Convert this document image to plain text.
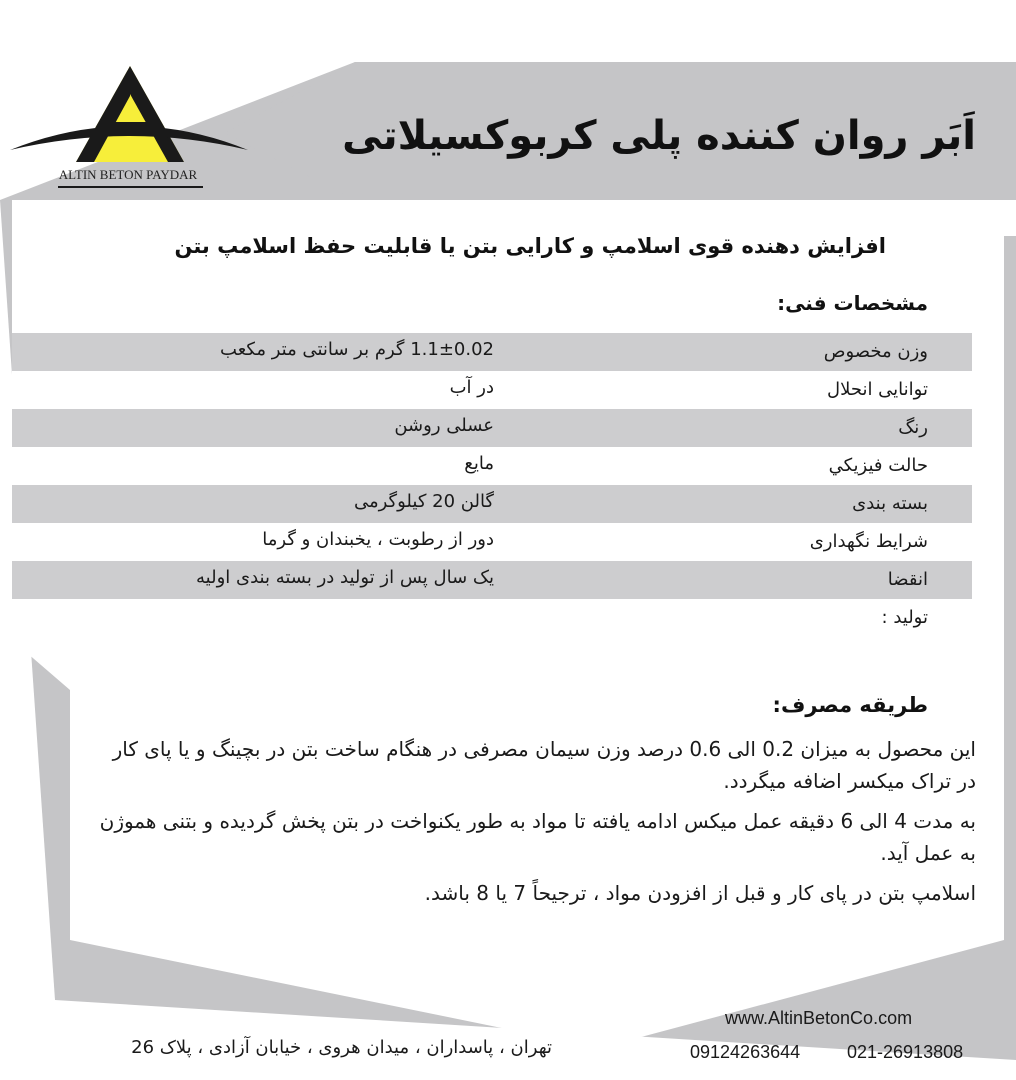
ALTIN BETON PAYDAR
اَبَر روان کننده پلی کربوکسیلاتی
افزایش دهنده قوی اسلامپ و کارایی بتن یا قابلیت حفظ اسلامپ بتن
مشخصات فنی:
وزن مخصوص
1.1±0.02 گرم بر سانتی متر مکعب
توانایی انحلال
در آب
رنگ
عسلی روشن
حالت فیزیکي
مایع
بسته بندی
گالن 20 کیلوگرمی
شرایط نگهداری
دور از رطوبت ، یخبندان و گرما
انقضا
یک سال پس از تولید در بسته بندی اولیه
تولید :
طریقه مصرف:

این محصول به میزان 0.2 الی 0.6 درصد وزن سیمان مصرفی در هنگام ساخت بتن در بچینگ و یا پای کار در تراک میکسر اضافه میگردد.

به مدت 4 الی 6 دقیقه عمل میکس ادامه یافته تا مواد به طور یکنواخت در بتن پخش گردیده و بتنی هموژن به عمل آید.

اسلامپ بتن در پای کار و قبل از افزودن مواد ، ترجیحاً 7 یا 8 باشد.

www.AltinBetonCo.com
021-26913808
09124263644
تهران ، پاسداران ، میدان هروی ، خیابان آزادی ، پلاک 26
